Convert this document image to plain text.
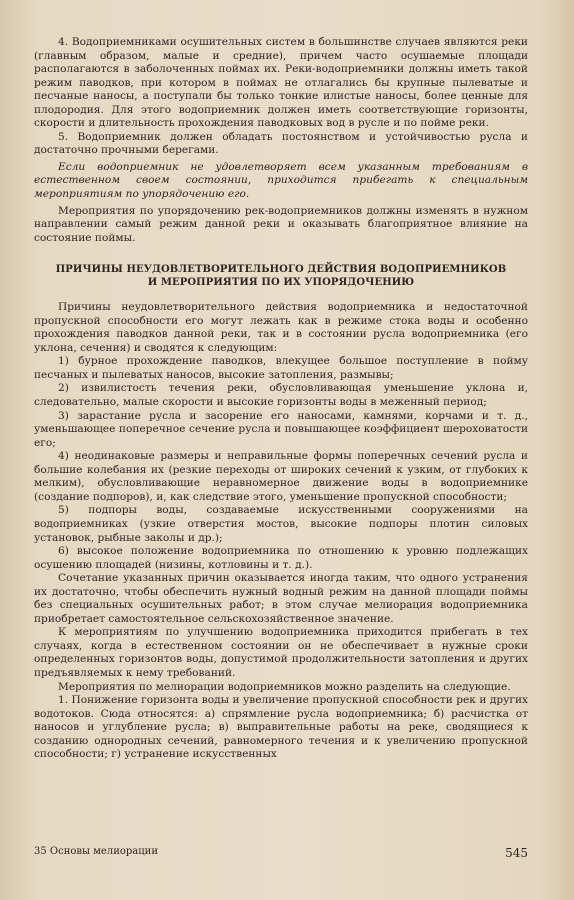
4. Водоприемниками осушительных систем в большинстве случаев являются реки (главным образом, малые и средние), причем часто осушаемые площади располагаются в заболоченных поймах их. Реки-водоприемники должны иметь такой режим паводков, при котором в поймах не отлагались бы крупные пылеватые и песчаные наносы, а поступали бы только тонкие илистые наносы, более ценные для плодородия. Для этого водоприемник должен иметь соответствующие горизонты, скорости и длительность прохождения паводковых вод в русле и по пойме реки.

5. Водоприемник должен обладать постоянством и устойчивостью русла и достаточно прочными берегами.

Если водоприемник не удовлетворяет всем указанным требованиям в естественном своем состоянии, приходится прибегать к специальным мероприятиям по упорядочению его.

Мероприятия по упорядочению рек-водоприемников должны изменять в нужном направлении самый режим данной реки и оказывать благоприятное влияние на состояние поймы.

ПРИЧИНЫ НЕУДОВЛЕТВОРИТЕЛЬНОГО ДЕЙСТВИЯ ВОДОПРИЕМНИКОВ
И МЕРОПРИЯТИЯ ПО ИХ УПОРЯДОЧЕНИЮ

Причины неудовлетворительного действия водоприемника и недостаточной пропускной способности его могут лежать как в режиме стока воды и особенно прохождения паводков данной реки, так и в состоянии русла водоприемника (его уклона, сечения) и сводятся к следующим:

1) бурное прохождение паводков, влекущее большое поступление в пойму песчаных и пылеватых наносов, высокие затопления, размывы;

2) извилистость течения реки, обусловливающая уменьшение уклона и, следовательно, малые скорости и высокие горизонты воды в меженный период;

3) зарастание русла и засорение его наносами, камнями, корчами и т. д., уменьшающее поперечное сечение русла и повышающее коэффициент шероховатости его;

4) неодинаковые размеры и неправильные формы поперечных сечений русла и большие колебания их (резкие переходы от широких сечений к узким, от глубоких к мелким), обусловливающие неравномерное движение воды в водоприемнике (создание подпоров), и, как следствие этого, уменьшение пропускной способности;

5) подпоры воды, создаваемые искусственными сооружениями на водоприемниках (узкие отверстия мостов, высокие подпоры плотин силовых установок, рыбные заколы и др.);

6) высокое положение водоприемника по отношению к уровню подлежащих осушению площадей (низины, котловины и т. д.).

Сочетание указанных причин оказывается иногда таким, что одного устранения их достаточно, чтобы обеспечить нужный водный режим на данной площади поймы без специальных осушительных работ; в этом случае мелиорация водоприемника приобретает самостоятельное сельскохозяйственное значение.

К мероприятиям по улучшению водоприемника приходится прибегать в тех случаях, когда в естественном состоянии он не обеспечивает в нужные сроки определенных горизонтов воды, допустимой продолжительности затопления и других предъявляемых к нему требований.

Мероприятия по мелиорации водоприемников можно разделить на следующие.

1. Понижение горизонта воды и увеличение пропускной способности рек и других водотоков. Сюда относятся: а) спрямление русла водоприемника; б) расчистка от наносов и углубление русла; в) выправительные работы на реке, сводящиеся к созданию однородных сечений, равномерного течения и к увеличению пропускной способности; г) устранение искусственных

35 Основы мелиорации	545
